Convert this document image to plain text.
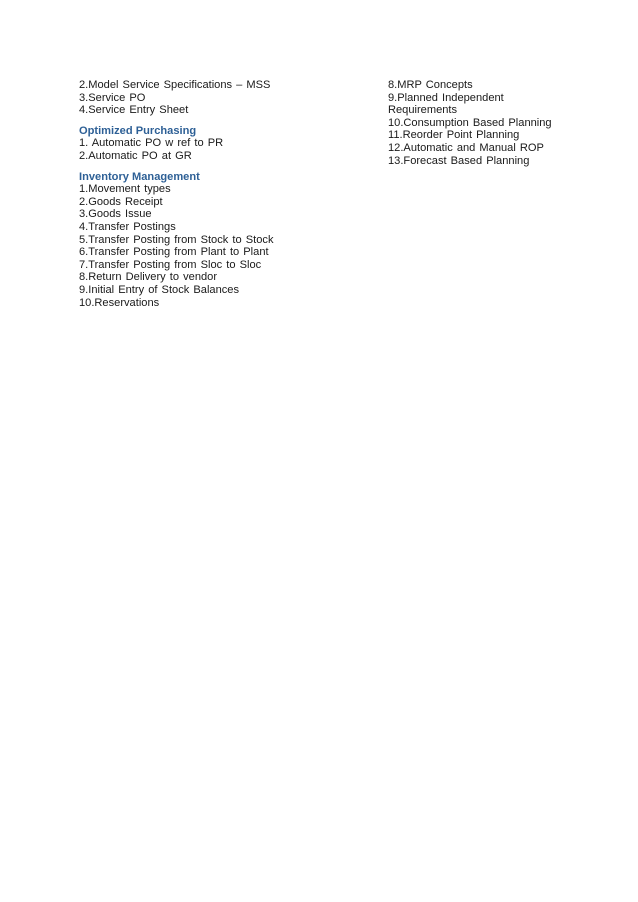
2.Model Service Specifications – MSS
3.Service PO
4.Service Entry Sheet
Optimized Purchasing
1. Automatic PO w ref to PR
2.Automatic PO at GR
Inventory Management
1.Movement types
2.Goods Receipt
3.Goods Issue
4.Transfer Postings
5.Transfer Posting from Stock to Stock
6.Transfer Posting from Plant to Plant
7.Transfer Posting from Sloc to Sloc
8.Return Delivery to vendor
9.Initial Entry of Stock Balances
10.Reservations
8.MRP Concepts
9.Planned Independent
Requirements
10.Consumption Based Planning
11.Reorder Point Planning
12.Automatic and Manual ROP
13.Forecast Based Planning
